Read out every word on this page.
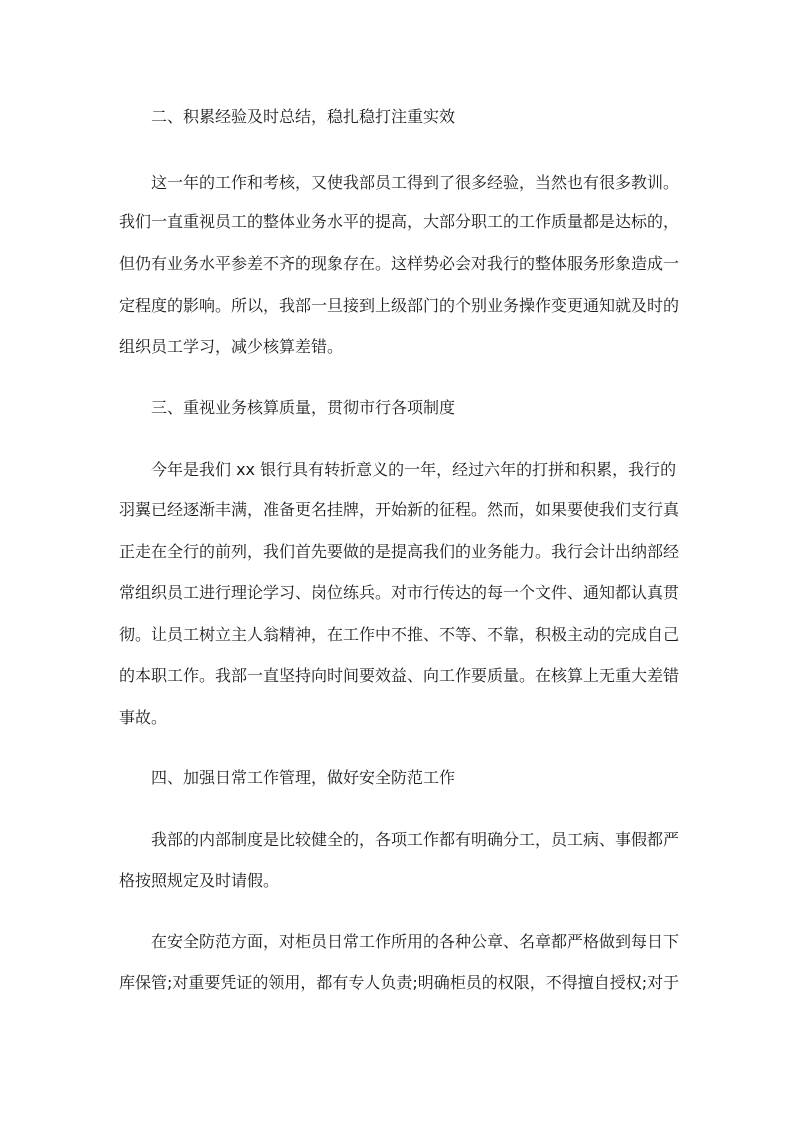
二、积累经验及时总结，稳扎稳打注重实效
这一年的工作和考核，又使我部员工得到了很多经验，当然也有很多教训。
我们一直重视员工的整体业务水平的提高，大部分职工的工作质量都是达标的，
但仍有业务水平参差不齐的现象存在。这样势必会对我行的整体服务形象造成一
定程度的影响。所以，我部一旦接到上级部门的个别业务操作变更通知就及时的
组织员工学习，减少核算差错。
三、重视业务核算质量，贯彻市行各项制度
今年是我们 xx 银行具有转折意义的一年，经过六年的打拼和积累，我行的
羽翼已经逐渐丰满，准备更名挂牌，开始新的征程。然而，如果要使我们支行真
正走在全行的前列，我们首先要做的是提高我们的业务能力。我行会计出纳部经
常组织员工进行理论学习、岗位练兵。对市行传达的每一个文件、通知都认真贯
彻。让员工树立主人翁精神，在工作中不推、不等、不靠，积极主动的完成自己
的本职工作。我部一直坚持向时间要效益、向工作要质量。在核算上无重大差错
事故。
四、加强日常工作管理，做好安全防范工作
我部的内部制度是比较健全的，各项工作都有明确分工，员工病、事假都严
格按照规定及时请假。
在安全防范方面，对柜员日常工作所用的各种公章、名章都严格做到每日下
库保管;对重要凭证的领用，都有专人负责;明确柜员的权限，不得擅自授权;对于
